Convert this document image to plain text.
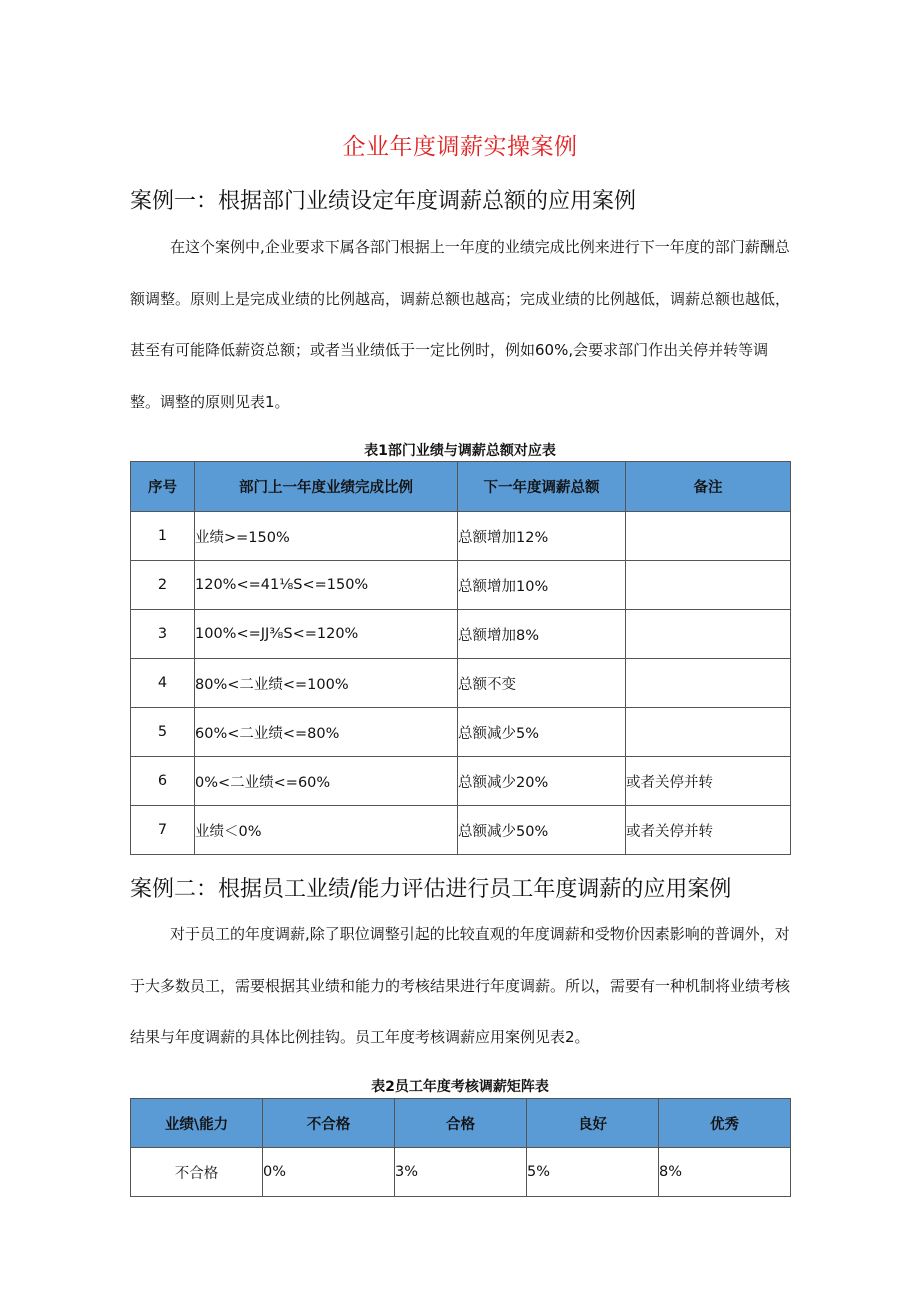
企业年度调薪实操案例
案例一：根据部门业绩设定年度调薪总额的应用案例

在这个案例中,企业要求下属各部门根据上一年度的业绩完成比例来进行下一年度的部门薪酬总额调整。原则上是完成业绩的比例越高，调薪总额也越高；完成业绩的比例越低，调薪总额也越低，甚至有可能降低薪资总额；或者当业绩低于一定比例时，例如60%,会要求部门作出关停并转等调整。调整的原则见表1。

表1部门业绩与调薪总额对应表
序号	部门上一年度业绩完成比例	下一年度调薪总额	备注
1	业绩>=150%	总额增加12%	
2	120%<=41⅛S<=150%	总额增加10%	
3	100%<=JJ⅜S<=120%	总额增加8%	
4	80%<二业绩<=100%	总额不变	
5	60%<二业绩<=80%	总额减少5%	
6	0%<二业绩<=60%	总额减少20%	或者关停并转
7	业绩＜0%	总额减少50%	或者关停并转
案例二：根据员工业绩/能力评估进行员工年度调薪的应用案例

对于员工的年度调薪,除了职位调整引起的比较直观的年度调薪和受物价因素影响的普调外，对于大多数员工，需要根据其业绩和能力的考核结果进行年度调薪。所以，需要有一种机制将业绩考核结果与年度调薪的具体比例挂钩。员工年度考核调薪应用案例见表2。

表2员工年度考核调薪矩阵表
业绩\能力	不合格	合格	良好	优秀
不合格	0%	3%	5%	8%
